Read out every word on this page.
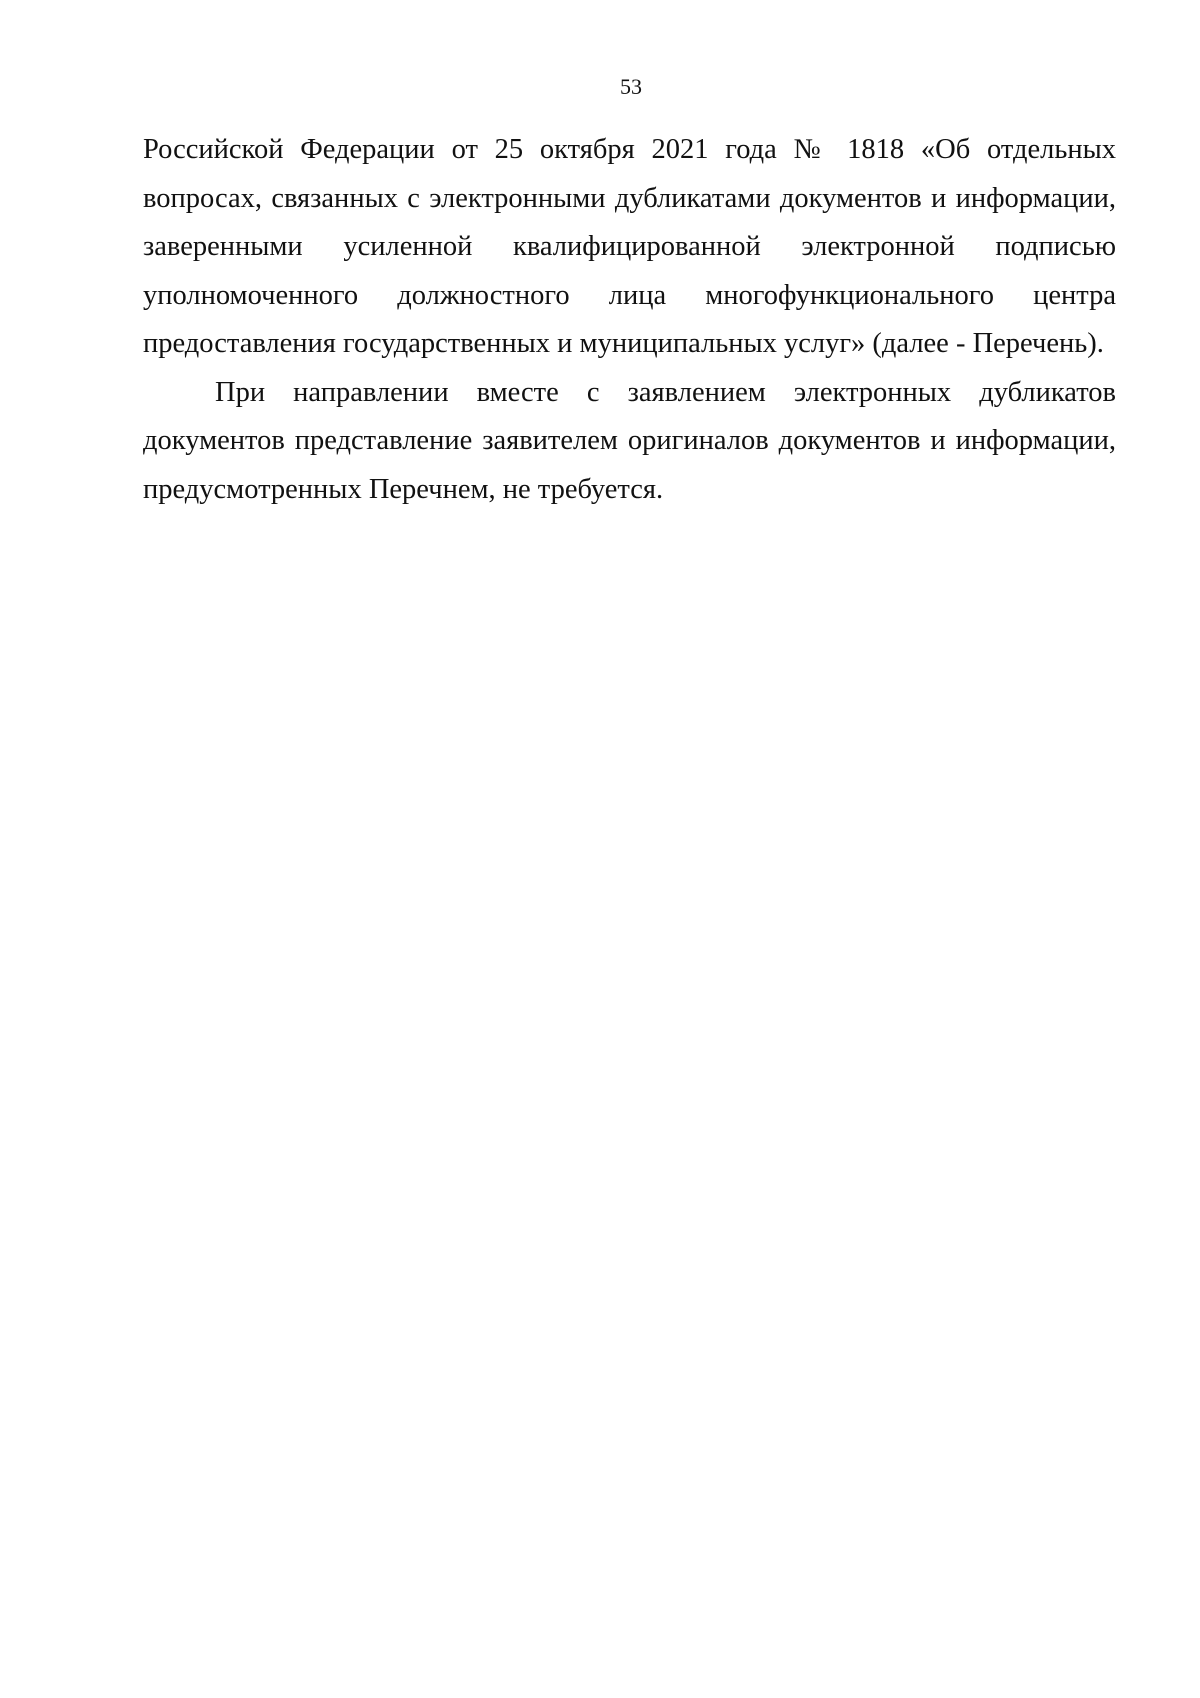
53

Российской Федерации от 25 октября 2021 года № 1818 «Об отдельных вопросах, связанных с электронными дубликатами документов и информации, заверенными усиленной квалифицированной электронной подписью уполномоченного должностного лица многофункционального центра предоставления государственных и муниципальных услуг» (далее - Перечень).

При направлении вместе с заявлением электронных дубликатов документов представление заявителем оригиналов документов и информации, предусмотренных Перечнем, не требуется.
